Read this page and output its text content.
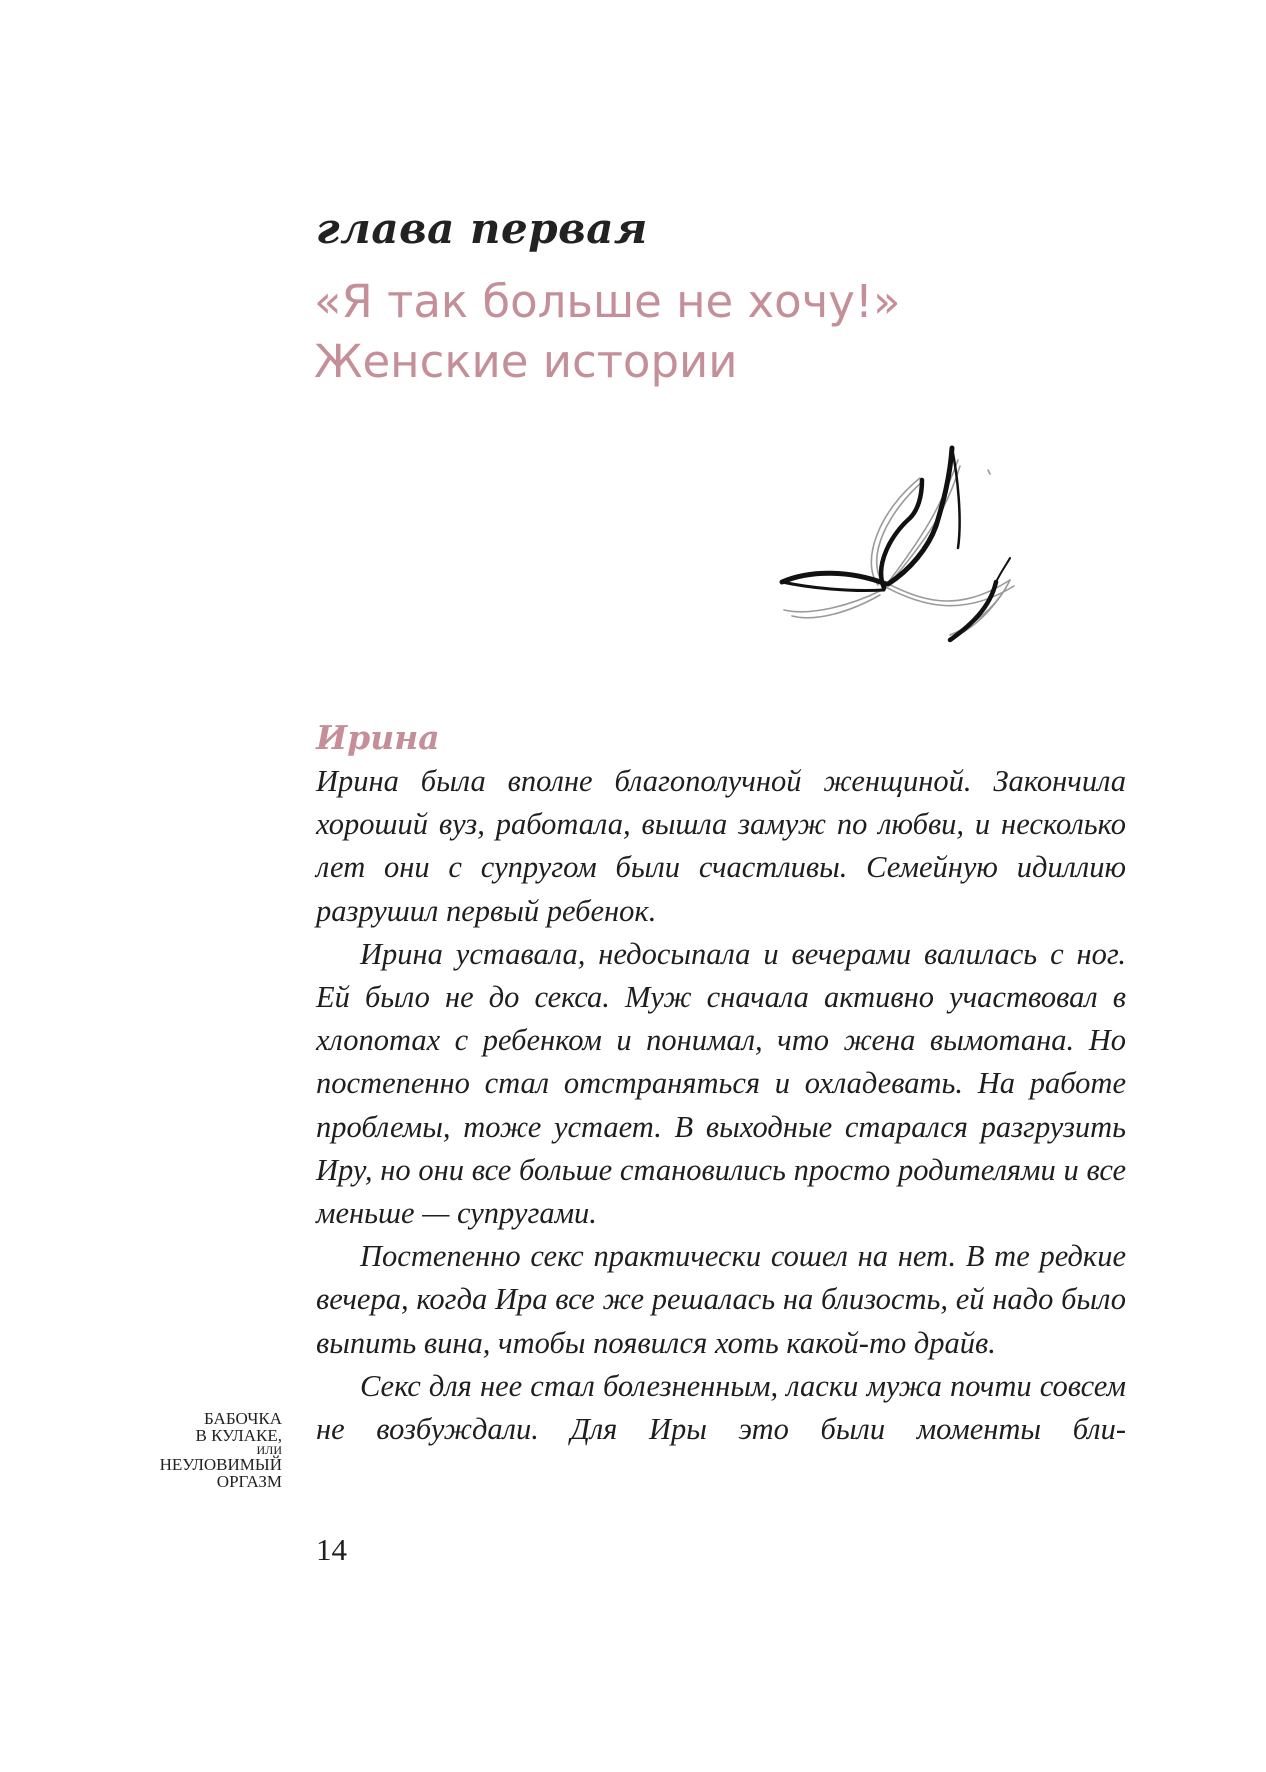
глава первая
«Я так больше не хочу!»
Женские истории
Ирина

Ирина была вполне благополучной женщиной. Закончила хороший вуз, работала, вышла замуж по любви, и несколько лет они с супругом были счастливы. Семейную идиллию разрушил первый ребенок.

Ирина уставала, недосыпала и вечерами валилась с ног. Ей было не до секса. Муж сначала активно участвовал в хлопотах с ребенком и понимал, что жена вымотана. Но постепенно стал отстраняться и охладевать. На работе проблемы, тоже устает. В выходные старался разгрузить Иру, но они все больше становились просто родителями и все меньше — супругами.

Постепенно секс практически сошел на нет. В те редкие вечера, когда Ира все же решалась на близость, ей надо было выпить вина, чтобы появился хоть какой-то драйв.

Секс для нее стал болезненным, ласки мужа почти совсем не возбуждали. Для Иры это были моменты бли-

БАБОЧКА
В КУЛАКЕ,
ИЛИ
НЕУЛОВИМЫЙ
ОРГАЗМ
14
